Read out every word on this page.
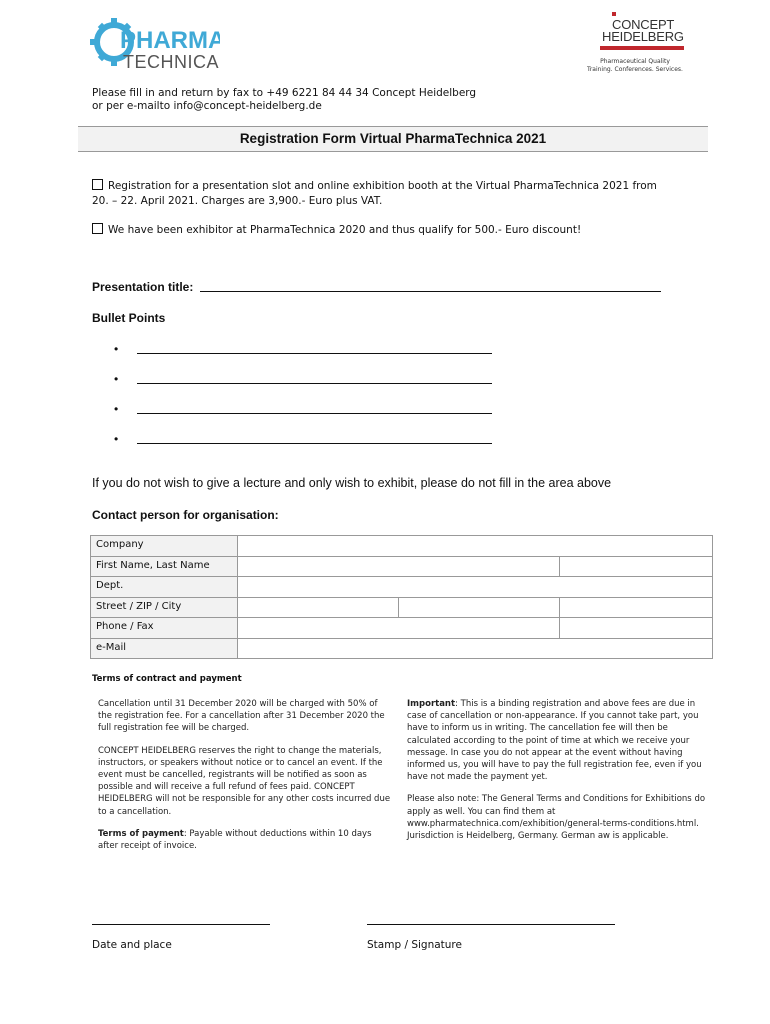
PHARMA
TECHNICA
CONCEPT
HEIDELBERG
Pharmaceutical Quality
Training. Conferences. Services.
Please fill in and return by fax to +49 6221 84 44 34 Concept Heidelberg
or per e-mailto info@concept-heidelberg.de
Registration Form Virtual PharmaTechnica 2021
Registration for a presentation slot and online exhibition booth at the Virtual PharmaTechnica 2021 from
20. – 22. April 2021. Charges are 3,900.- Euro plus VAT.
We have been exhibitor at PharmaTechnica 2020 and thus qualify for 500.- Euro discount!
Presentation title:
Bullet Points
•
•
•
•
If you do not wish to give a lecture and only wish to exhibit, please do not fill in the area above
Contact person for organisation:
Company			
First Name, Last Name			
Dept.			
Street / ZIP / City			
Phone / Fax			
e-Mail			
Terms of contract and payment

Cancellation until 31 December 2020 will be charged with 50% of the registration fee. For a cancellation after 31 December 2020 the full registration fee will be charged.

CONCEPT HEIDELBERG reserves the right to change the materials, instructors, or speakers without notice or to cancel an event. If the event must be cancelled, registrants will be notified as soon as possible and will receive a full refund of fees paid. CONCEPT HEIDELBERG will not be responsible for any other costs incurred due to a cancellation.

Terms of payment: Payable without deductions within 10 days after receipt of invoice.

Important: This is a binding registration and above fees are due in case of cancellation or non-appearance. If you cannot take part, you have to inform us in writing. The cancellation fee will then be calculated according to the point of time at which we receive your message. In case you do not appear at the event without having informed us, you will have to pay the full registration fee, even if you have not made the payment yet.

Please also note: The General Terms and Conditions for Exhibitions do apply as well. You can find them at www.pharmatechnica.com/exhibition/general-terms-conditions.html. Jurisdiction is Heidelberg, Germany. German aw is applicable.

Date and place	Stamp / Signature
